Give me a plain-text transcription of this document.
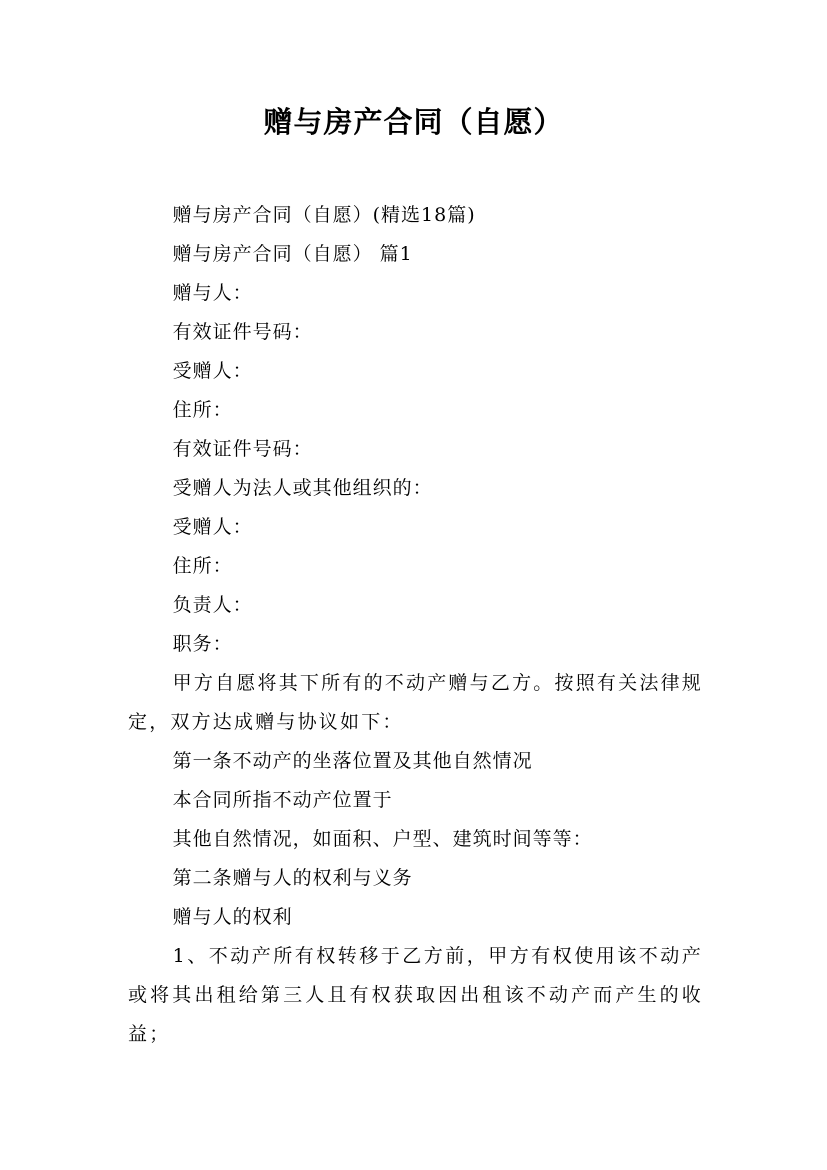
赠与房产合同（自愿）

赠与房产合同（自愿）(精选18篇)

赠与房产合同（自愿） 篇1

赠与人：

有效证件号码：

受赠人：

住所：

有效证件号码：

受赠人为法人或其他组织的：

受赠人：

住所：

负责人：

职务：

甲方自愿将其下所有的不动产赠与乙方。按照有关法律规定，双方达成赠与协议如下：

第一条不动产的坐落位置及其他自然情况

本合同所指不动产位置于

其他自然情况，如面积、户型、建筑时间等等：

第二条赠与人的权利与义务

赠与人的权利

1、不动产所有权转移于乙方前，甲方有权使用该不动产或将其出租给第三人且有权获取因出租该不动产而产生的收益；
